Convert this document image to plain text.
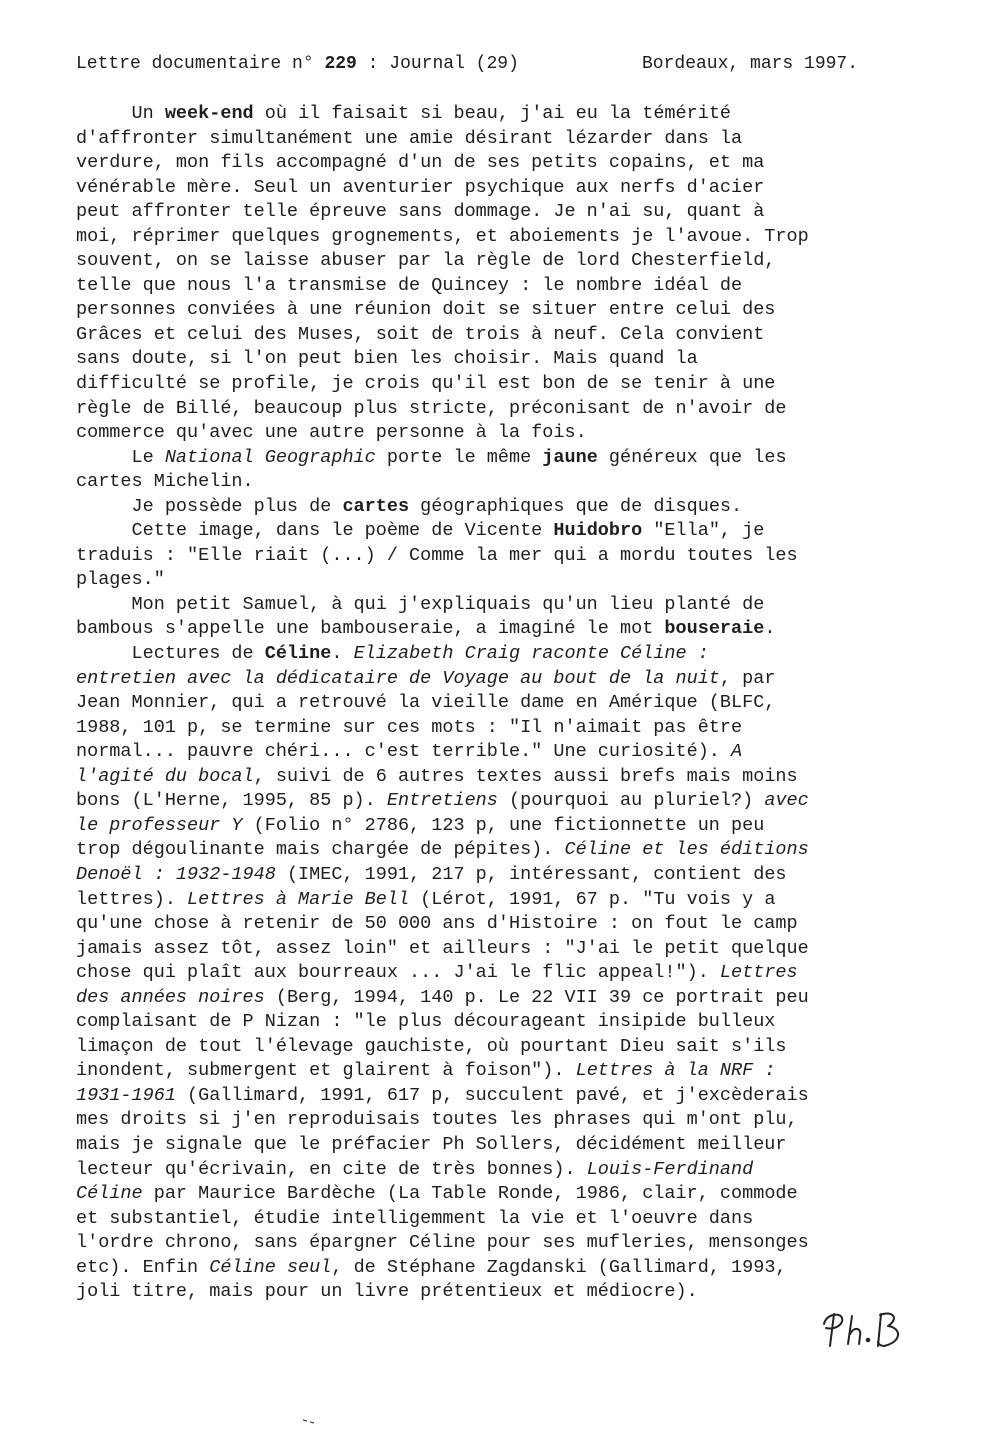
Lettre documentaire n° 229 : Journal (29)

	Bordeaux, mars 1997.

Un week-end où il faisait si beau, j'ai eu la témérité
d'affronter simultanément une amie désirant lézarder dans la
verdure, mon fils accompagné d'un de ses petits copains, et ma
vénérable mère. Seul un aventurier psychique aux nerfs d'acier
peut affronter telle épreuve sans dommage. Je n'ai su, quant à
moi, réprimer quelques grognements, et aboiements je l'avoue. Trop
souvent, on se laisse abuser par la règle de lord Chesterfield,
telle que nous l'a transmise de Quincey : le nombre idéal de
personnes conviées à une réunion doit se situer entre celui des
Grâces et celui des Muses, soit de trois à neuf. Cela convient
sans doute, si l'on peut bien les choisir. Mais quand la
difficulté se profile, je crois qu'il est bon de se tenir à une
règle de Billé, beaucoup plus stricte, préconisant de n'avoir de
commerce qu'avec une autre personne à la fois.
Le National Geographic porte le même jaune généreux que les
cartes Michelin.
Je possède plus de cartes géographiques que de disques.
Cette image, dans le poème de Vicente Huidobro "Ella", je
traduis : "Elle riait (...) / Comme la mer qui a mordu toutes les
plages."
Mon petit Samuel, à qui j'expliquais qu'un lieu planté de
bambous s'appelle une bambouseraie, a imaginé le mot bouseraie.
Lectures de Céline. Elizabeth Craig raconte Céline :
entretien avec la dédicataire de Voyage au bout de la nuit, par
Jean Monnier, qui a retrouvé la vieille dame en Amérique (BLFC,
1988, 101 p, se termine sur ces mots : "Il n'aimait pas être
normal... pauvre chéri... c'est terrible." Une curiosité). A
l'agité du bocal, suivi de 6 autres textes aussi brefs mais moins
bons (L'Herne, 1995, 85 p). Entretiens (pourquoi au pluriel?) avec
le professeur Y (Folio n° 2786, 123 p, une fictionnette un peu
trop dégoulinante mais chargée de pépites). Céline et les éditions
Denoël : 1932-1948 (IMEC, 1991, 217 p, intéressant, contient des
lettres). Lettres à Marie Bell (Lérot, 1991, 67 p. "Tu vois y a
qu'une chose à retenir de 50 000 ans d'Histoire : on fout le camp
jamais assez tôt, assez loin" et ailleurs : "J'ai le petit quelque
chose qui plaît aux bourreaux ... J'ai le flic appeal!"). Lettres
des années noires (Berg, 1994, 140 p. Le 22 VII 39 ce portrait peu
complaisant de P Nizan : "le plus décourageant insipide bulleux
limaçon de tout l'élevage gauchiste, où pourtant Dieu sait s'ils
inondent, submergent et glairent à foison"). Lettres à la NRF :
1931-1961 (Gallimard, 1991, 617 p, succulent pavé, et j'excèderais
mes droits si j'en reproduisais toutes les phrases qui m'ont plu,
mais je signale que le préfacier Ph Sollers, décidément meilleur
lecteur qu'écrivain, en cite de très bonnes). Louis-Ferdinand
Céline par Maurice Bardèche (La Table Ronde, 1986, clair, commode
et substantiel, étudie intelligemment la vie et l'oeuvre dans
l'ordre chrono, sans épargner Céline pour ses mufleries, mensonges
etc). Enfin Céline seul, de Stéphane Zagdanski (Gallimard, 1993,
joli titre, mais pour un livre prétentieux et médiocre).
